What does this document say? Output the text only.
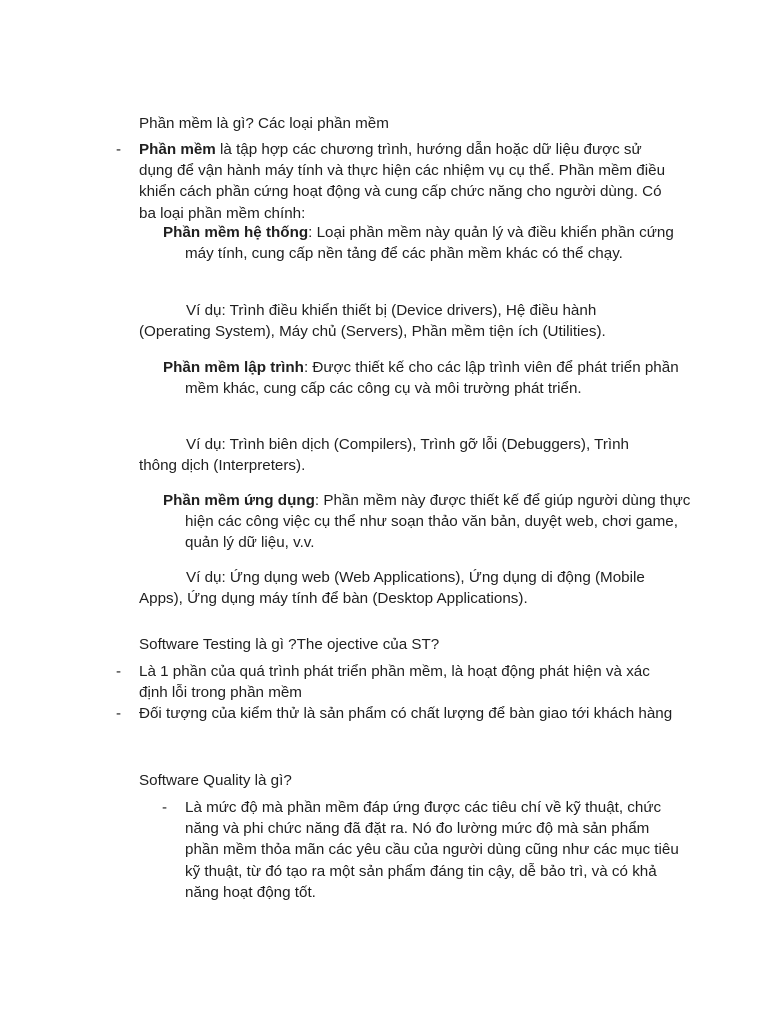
Phần mềm là gì? Các loại phần mềm
- Phần mềm là tập hợp các chương trình, hướng dẫn hoặc dữ liệu được sử dụng để vận hành máy tính và thực hiện các nhiệm vụ cụ thể. Phần mềm điều khiển cách phần cứng hoạt động và cung cấp chức năng cho người dùng. Có ba loại phần mềm chính:
Phần mềm hệ thống: Loại phần mềm này quản lý và điều khiển phần cứng máy tính, cung cấp nền tảng để các phần mềm khác có thể chạy.
Ví dụ: Trình điều khiển thiết bị (Device drivers), Hệ điều hành (Operating System), Máy chủ (Servers), Phần mềm tiện ích (Utilities).
Phần mềm lập trình: Được thiết kế cho các lập trình viên để phát triển phần mềm khác, cung cấp các công cụ và môi trường phát triển.
Ví dụ: Trình biên dịch (Compilers), Trình gỡ lỗi (Debuggers), Trình thông dịch (Interpreters).
Phần mềm ứng dụng: Phần mềm này được thiết kế để giúp người dùng thực hiện các công việc cụ thể như soạn thảo văn bản, duyệt web, chơi game, quản lý dữ liệu, v.v.
Ví dụ: Ứng dụng web (Web Applications), Ứng dụng di động (Mobile Apps), Ứng dụng máy tính để bàn (Desktop Applications).
Software Testing là gì ?The ojective của ST?
- Là 1 phần của quá trình phát triển phần mềm, là hoạt động phát hiện và xác định lỗi trong phần mềm
- Đối tượng của kiểm thử là sản phẩm có chất lượng để bàn giao tới khách hàng
Software Quality là gì?
- Là mức độ mà phần mềm đáp ứng được các tiêu chí về kỹ thuật, chức năng và phi chức năng đã đặt ra. Nó đo lường mức độ mà sản phẩm phần mềm thỏa mãn các yêu cầu của người dùng cũng như các mục tiêu kỹ thuật, từ đó tạo ra một sản phẩm đáng tin cậy, dễ bảo trì, và có khả năng hoạt động tốt.
